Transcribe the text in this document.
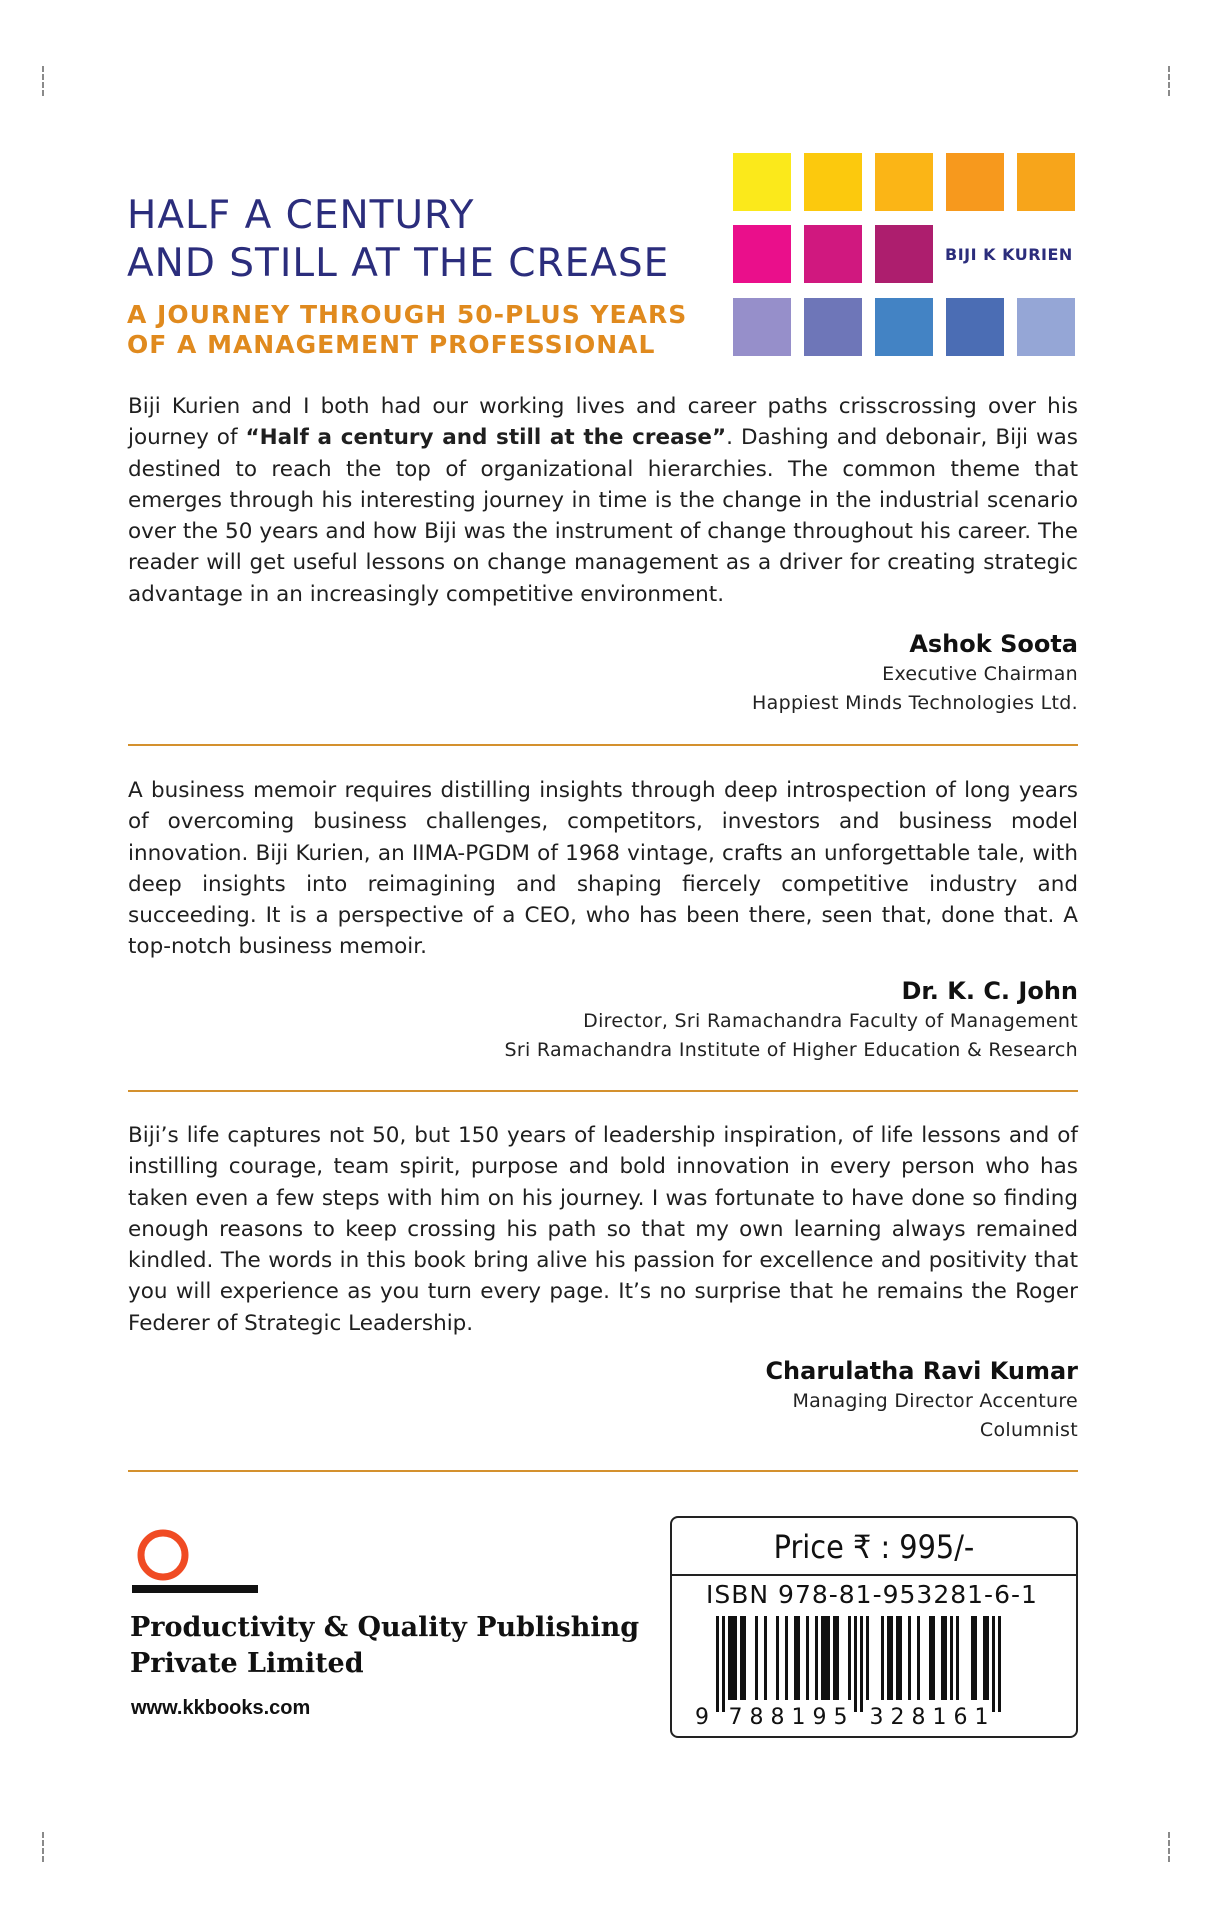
HALF A CENTURY
AND STILL AT THE CREASE
A JOURNEY THROUGH 50-PLUS YEARS
OF A MANAGEMENT PROFESSIONAL
BIJI K KURIEN

Biji Kurien and I both had our working lives and career paths crisscrossing over his journey of “Half a century and still at the crease”. Dashing and debonair, Biji was destined to reach the top of organizational hierarchies. The common theme that emerges through his interesting journey in time is the change in the industrial scenario over the 50 years and how Biji was the instrument of change throughout his career. The reader will get useful lessons on change management as a driver for creating strategic advantage in an increasingly competitive environment.

Ashok Soota
Executive Chairman
Happiest Minds Technologies Ltd.

A business memoir requires distilling insights through deep introspection of long years of overcoming business challenges, competitors, investors and business model innovation. Biji Kurien, an IIMA-PGDM of 1968 vintage, crafts an unforgettable tale, with deep insights into reimagining and shaping fiercely competitive industry and succeeding. It is a perspective of a CEO, who has been there, seen that, done that. A top-notch business memoir.

Dr. K. C. John
Director, Sri Ramachandra Faculty of Management
Sri Ramachandra Institute of Higher Education & Research

Biji’s life captures not 50, but 150 years of leadership inspiration, of life lessons and of instilling courage, team spirit, purpose and bold innovation in every person who has taken even a few steps with him on his journey. I was fortunate to have done so finding enough reasons to keep crossing his path so that my own learning always remained kindled. The words in this book bring alive his passion for excellence and positivity that you will experience as you turn every page. It’s no surprise that he remains the Roger Federer of Strategic Leadership.

Charulatha Ravi Kumar
Managing Director Accenture
Columnist

Productivity & Quality Publishing
Private Limited

www.kkbooks.com
Price ₹ : 995/-
ISBN 978-81-953281-6-1
9 7 8 8 1 9 5 3 2 8 1 6 1
